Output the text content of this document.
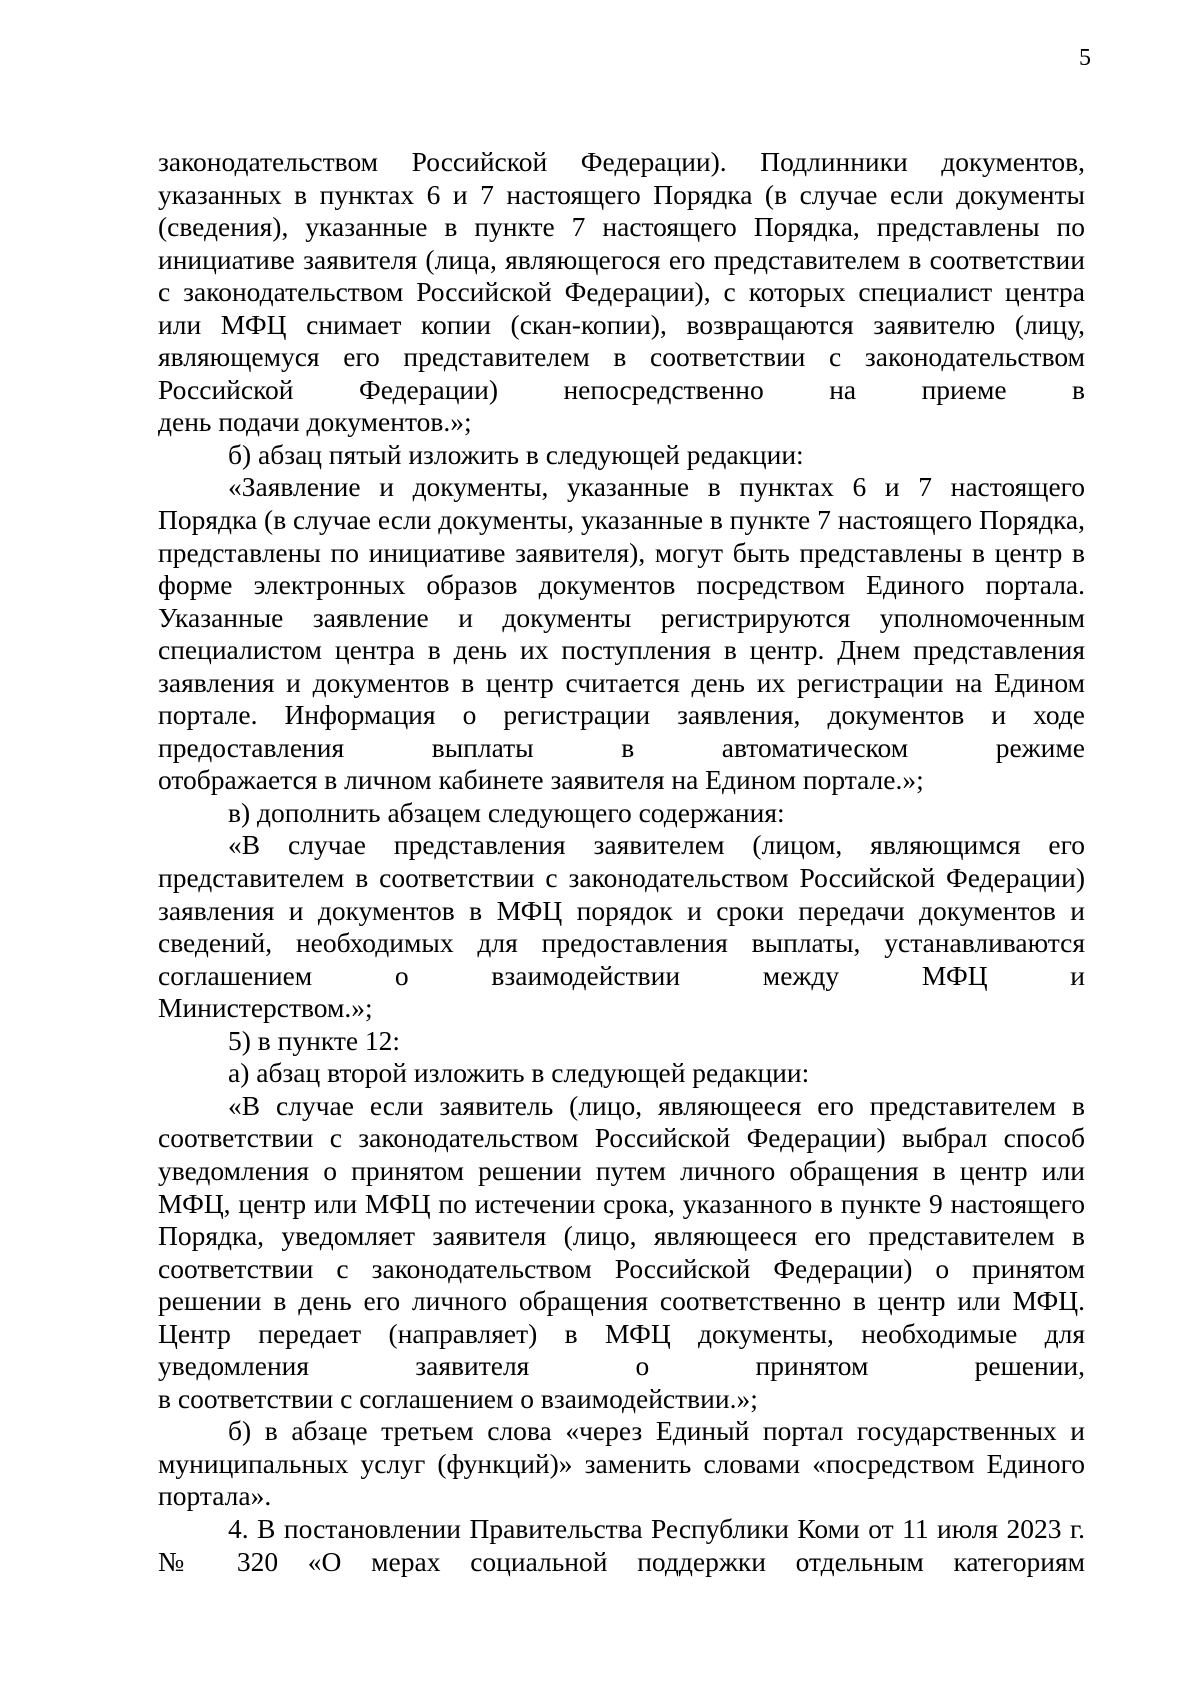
5

законодательством Российской Федерации). Подлинники документов, указанных в пунктах 6 и 7 настоящего Порядка (в случае если документы (сведения), указанные в пункте 7 настоящего Порядка, представлены по инициативе заявителя (лица, являющегося его представителем в соответствии с законодательством Российской Федерации), с которых специалист центра или МФЦ снимает копии (скан-копии), возвращаются заявителю (лицу, являющемуся его представителем в соответствии с законодательством Российской Федерации) непосредственно на приеме в

день подачи документов.»;

б) абзац пятый изложить в следующей редакции:

«Заявление и документы, указанные в пунктах 6 и 7 настоящего Порядка (в случае если документы, указанные в пункте 7 настоящего Порядка, представлены по инициативе заявителя), могут быть представлены в центр в форме электронных образов документов посредством Единого портала. Указанные заявление и документы регистрируются уполномоченным специалистом центра в день их поступления в центр. Днем представления заявления и документов в центр считается день их регистрации на Едином портале. Информация о регистрации заявления, документов и ходе предоставления выплаты в автоматическом режиме

отображается в личном кабинете заявителя на Едином портале.»;

в) дополнить абзацем следующего содержания:

«В случае представления заявителем (лицом, являющимся его представителем в соответствии с законодательством Российской Федерации) заявления и документов в МФЦ порядок и сроки передачи документов и сведений, необходимых для предоставления выплаты, устанавливаются соглашением о взаимодействии между МФЦ и

Министерством.»;

5) в пункте 12:

а) абзац второй изложить в следующей редакции:

«В случае если заявитель (лицо, являющееся его представителем в соответствии с законодательством Российской Федерации) выбрал способ уведомления о принятом решении путем личного обращения в центр или МФЦ, центр или МФЦ по истечении срока, указанного в пункте 9 настоящего Порядка, уведомляет заявителя (лицо, являющееся его представителем в соответствии с законодательством Российской Федерации) о принятом решении в день его личного обращения соответственно в центр или МФЦ. Центр передает (направляет) в МФЦ документы, необходимые для уведомления заявителя о принятом решении,

в соответствии с соглашением о взаимодействии.»;

б) в абзаце третьем слова «через Единый портал государственных и муниципальных услуг (функций)» заменить словами «посредством Единого

портала».

4. В постановлении Правительства Республики Коми от 11 июля 2023 г. № 320 «О мерах социальной поддержки отдельным категориям
